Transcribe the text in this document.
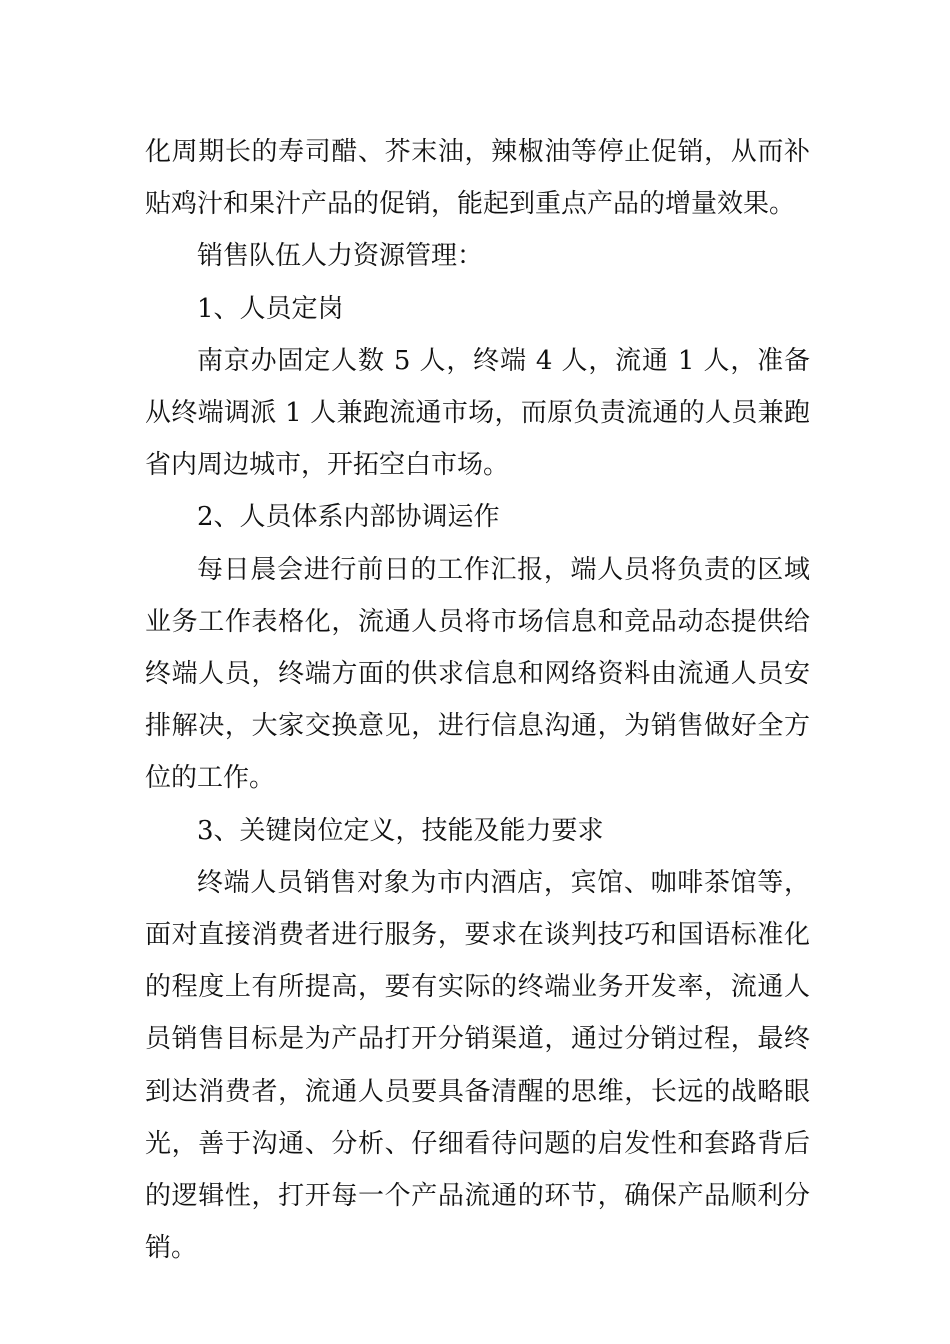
化周期长的寿司醋、芥末油，辣椒油等停止促销，从而补贴鸡汁和果汁产品的促销，能起到重点产品的增量效果。

销售队伍人力资源管理：

1、人员定岗

南京办固定人数 5 人，终端 4 人，流通 1 人，准备从终端调派 1 人兼跑流通市场，而原负责流通的人员兼跑省内周边城市，开拓空白市场。

2、人员体系内部协调运作

每日晨会进行前日的工作汇报，端人员将负责的区域业务工作表格化，流通人员将市场信息和竞品动态提供给终端人员，终端方面的供求信息和网络资料由流通人员安排解决，大家交换意见，进行信息沟通，为销售做好全方位的工作。

3、关键岗位定义，技能及能力要求

终端人员销售对象为市内酒店，宾馆、咖啡茶馆等，面对直接消费者进行服务，要求在谈判技巧和国语标准化的程度上有所提高，要有实际的终端业务开发率，流通人员销售目标是为产品打开分销渠道，通过分销过程，最终到达消费者，流通人员要具备清醒的思维，长远的战略眼光，善于沟通、分析、仔细看待问题的启发性和套路背后的逻辑性，打开每一个产品流通的环节，确保产品顺利分销。
